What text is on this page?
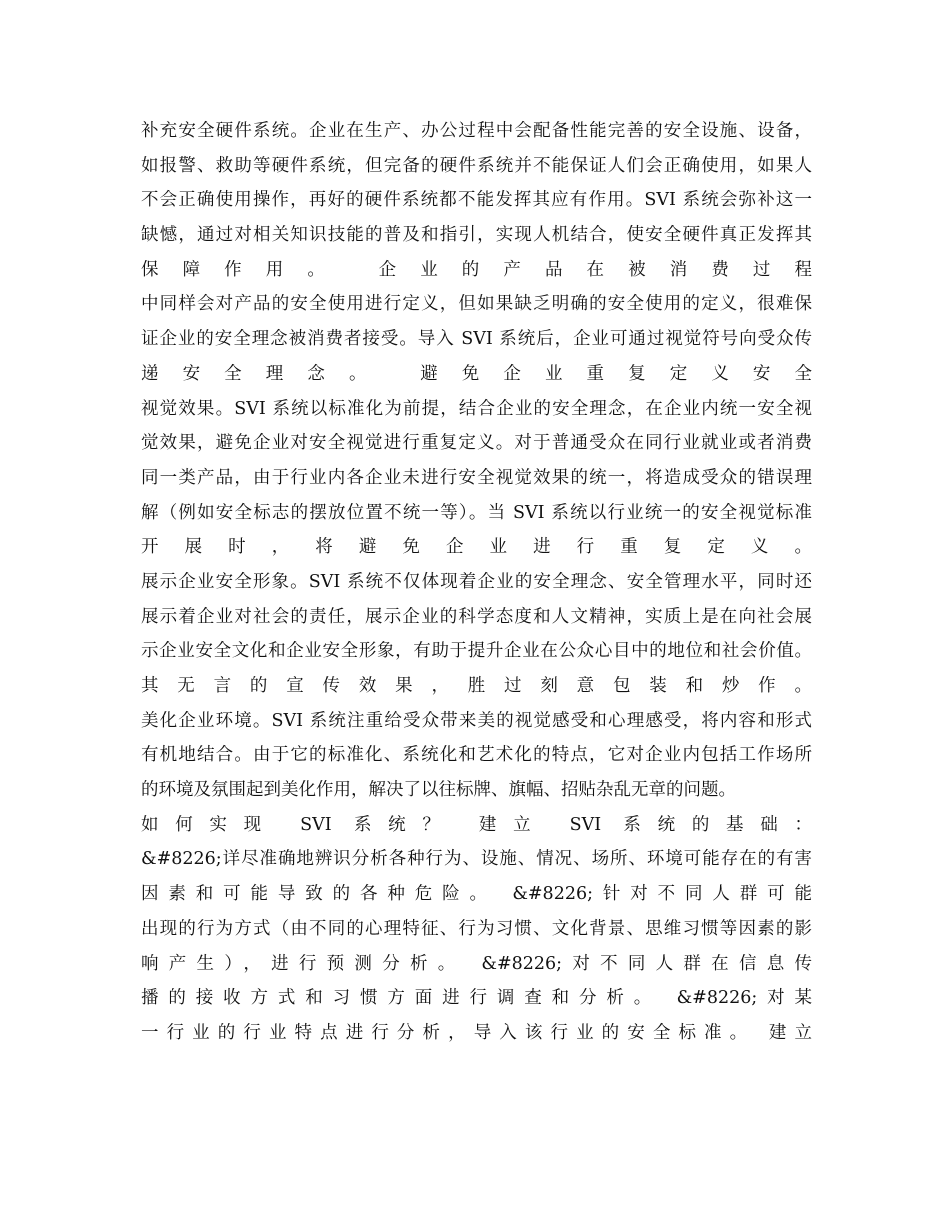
补充安全硬件系统。企业在生产、办公过程中会配备性能完善的安全设施、设备，
如报警、救助等硬件系统，但完备的硬件系统并不能保证人们会正确使用，如果人
不会正确使用操作，再好的硬件系统都不能发挥其应有作用。SVI 系统会弥补这一
缺憾，通过对相关知识技能的普及和指引，实现人机结合，使安全硬件真正发挥其
保障作用。 企业的产品在被消费过程
中同样会对产品的安全使用进行定义，但如果缺乏明确的安全使用的定义，很难保
证企业的安全理念被消费者接受。导入 SVI 系统后，企业可通过视觉符号向受众传
递安全理念。 避免企业重复定义安全
视觉效果。SVI 系统以标准化为前提，结合企业的安全理念，在企业内统一安全视
觉效果，避免企业对安全视觉进行重复定义。对于普通受众在同行业就业或者消费
同一类产品，由于行业内各企业未进行安全视觉效果的统一，将造成受众的错误理
解（例如安全标志的摆放位置不统一等）。当 SVI 系统以行业统一的安全视觉标准
开 展 时 ， 将 避 免 企 业 进 行 重 复 定 义 。
展示企业安全形象。SVI 系统不仅体现着企业的安全理念、安全管理水平，同时还
展示着企业对社会的责任，展示企业的科学态度和人文精神，实质上是在向社会展
示企业安全文化和企业安全形象，有助于提升企业在公众心目中的地位和社会价值。
其 无 言 的 宣 传 效 果 ， 胜 过 刻 意 包 装 和 炒 作 。
美化企业环境。SVI 系统注重给受众带来美的视觉感受和心理感受，将内容和形式
有机地结合。由于它的标准化、系统化和艺术化的特点，它对企业内包括工作场所
的环境及氛围起到美化作用，解决了以往标牌、旗幅、招贴杂乱无章的问题。
如何实现 SVI 系统？ 建立 SVI 系统的基础：
&#8226;详尽准确地辨识分析各种行为、设施、情况、场所、环境可能存在的有害
因素和可能导致的各种危险。 &#8226;针对不同人群可能
出现的行为方式（由不同的心理特征、行为习惯、文化背景、思维习惯等因素的影
响产生），进行预测分析。 &#8226;对不同人群在信息传
播的接收方式和习惯方面进行调查和分析。 &#8226;对某
一行业的行业特点进行分析，导入该行业的安全标准。 建立
